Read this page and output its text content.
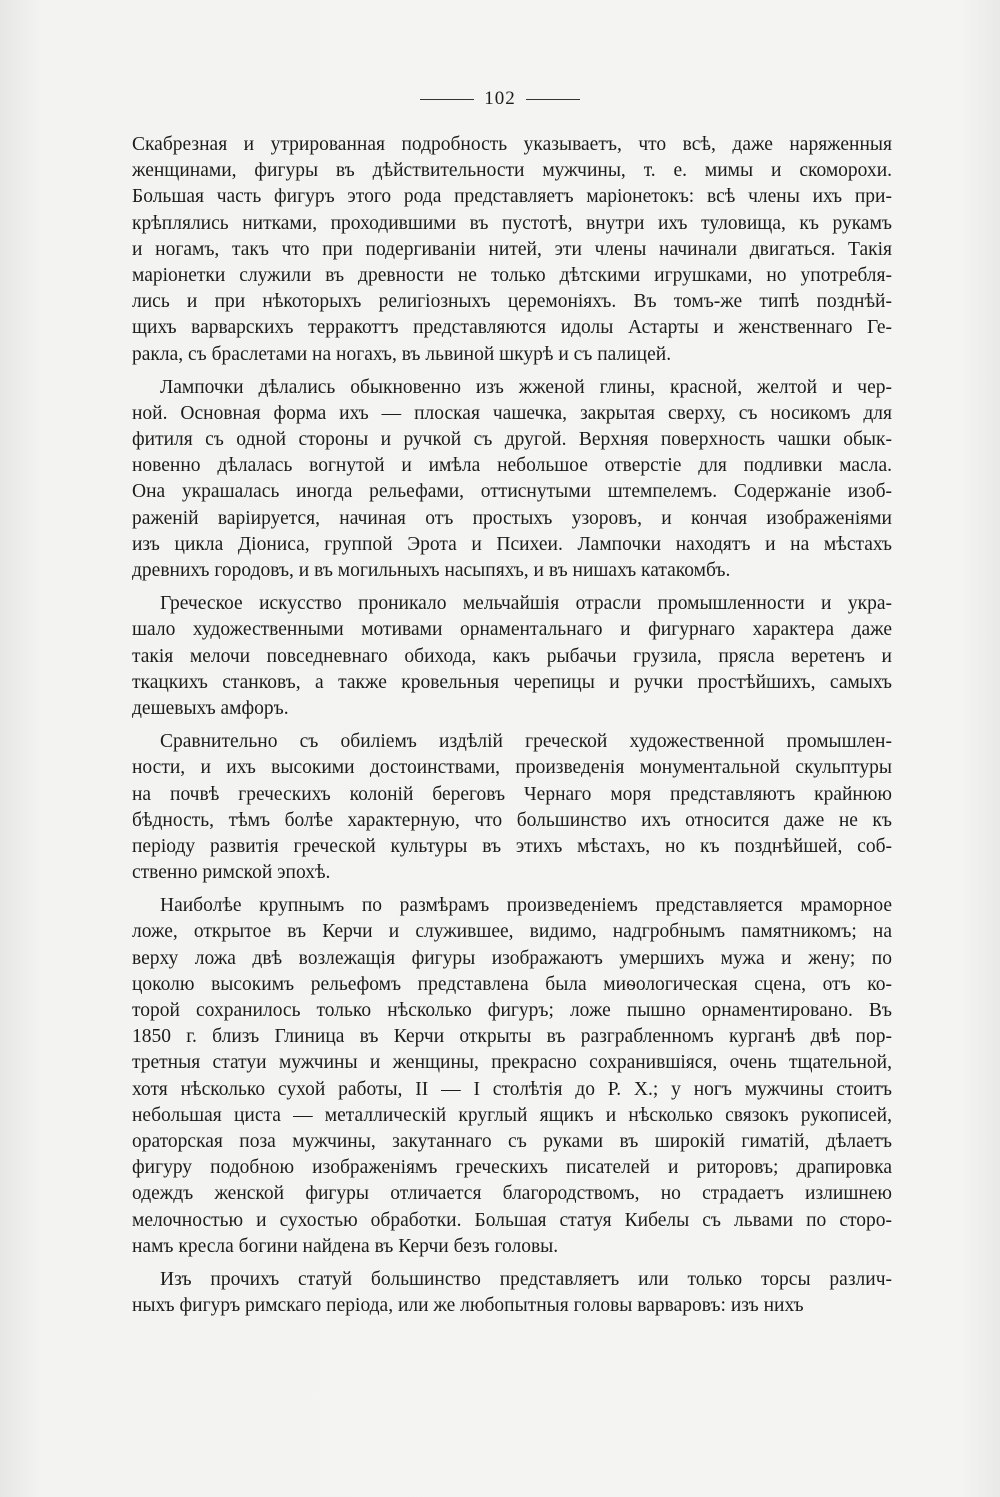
102
Скабрезная и утрированная подробность указываетъ, что всѣ, даже наряженныя
женщинами, фигуры въ дѣйствительности мужчины, т. е. мимы и скоморохи.
Большая часть фигуръ этого рода представляетъ маріонетокъ: всѣ члены ихъ при-
крѣплялись нитками, проходившими въ пустотѣ, внутри ихъ туловища, къ рукамъ
и ногамъ, такъ что при подергиваніи нитей, эти члены начинали двигаться. Такія
маріонетки служили въ древности не только дѣтскими игрушками, но употребля-
лись и при нѣкоторыхъ религіозныхъ церемоніяхъ. Въ томъ-же типѣ позднѣй-
щихъ варварскихъ терракоттъ представляются идолы Астарты и женственнаго Ге-
ракла, съ браслетами на ногахъ, въ львиной шкурѣ и съ палицей.
Лампочки дѣлались обыкновенно изъ жженой глины, красной, желтой и чер-
ной. Основная форма ихъ — плоская чашечка, закрытая сверху, съ носикомъ для
фитиля съ одной стороны и ручкой съ другой. Верхняя поверхность чашки обык-
новенно дѣлалась вогнутой и имѣла небольшое отверстіе для подливки масла.
Она украшалась иногда рельефами, оттиснутыми штемпелемъ. Содержаніе изоб-
раженій варіируется, начиная отъ простыхъ узоровъ, и кончая изображеніями
изъ цикла Діониса, группой Эрота и Психеи. Лампочки находятъ и на мѣстахъ
древнихъ городовъ, и въ могильныхъ насыпяхъ, и въ нишахъ катакомбъ.
Греческое искусство проникало мельчайшія отрасли промышленности и укра-
шало художественными мотивами орнаментальнаго и фигурнаго характера даже
такія мелочи повседневнаго обихода, какъ рыбачьи грузила, прясла веретенъ и
ткацкихъ станковъ, а также кровельныя черепицы и ручки простѣйшихъ, самыхъ
дешевыхъ амфоръ.
Сравнительно съ обиліемъ издѣлій греческой художественной промышлен-
ности, и ихъ высокими достоинствами, произведенія монументальной скульптуры
на почвѣ греческихъ колоній береговъ Чернаго моря представляютъ крайнюю
бѣдность, тѣмъ болѣе характерную, что большинство ихъ относится даже не къ
періоду развитія греческой культуры въ этихъ мѣстахъ, но къ позднѣйшей, соб-
ственно римской эпохѣ.
Наиболѣе крупнымъ по размѣрамъ произведеніемъ представляется мраморное
ложе, открытое въ Керчи и служившее, видимо, надгробнымъ памятникомъ; на
верху ложа двѣ возлежащія фигуры изображаютъ умершихъ мужа и жену; по
цоколю высокимъ рельефомъ представлена была миѳологическая сцена, отъ ко-
торой сохранилось только нѣсколько фигуръ; ложе пышно орнаментировано. Въ
1850 г. близъ Глиница въ Керчи открыты въ разграбленномъ курганѣ двѣ пор-
третныя статуи мужчины и женщины, прекрасно сохранившіяся, очень тщательной,
хотя нѣсколько сухой работы, II — I столѣтія до Р. Х.; у ногъ мужчины стоитъ
небольшая циста — металлическій круглый ящикъ и нѣсколько связокъ рукописей,
ораторская поза мужчины, закутаннаго съ руками въ широкій гиматій, дѣлаетъ
фигуру подобною изображеніямъ греческихъ писателей и риторовъ; драпировка
одеждъ женской фигуры отличается благородствомъ, но страдаетъ излишнею
мелочностью и сухостью обработки. Большая статуя Кибелы съ львами по сторо-
намъ кресла богини найдена въ Керчи безъ головы.
Изъ прочихъ статуй большинство представляетъ или только торсы различ-
ныхъ фигуръ римскаго періода, или же любопытныя головы варваровъ: изъ нихъ
